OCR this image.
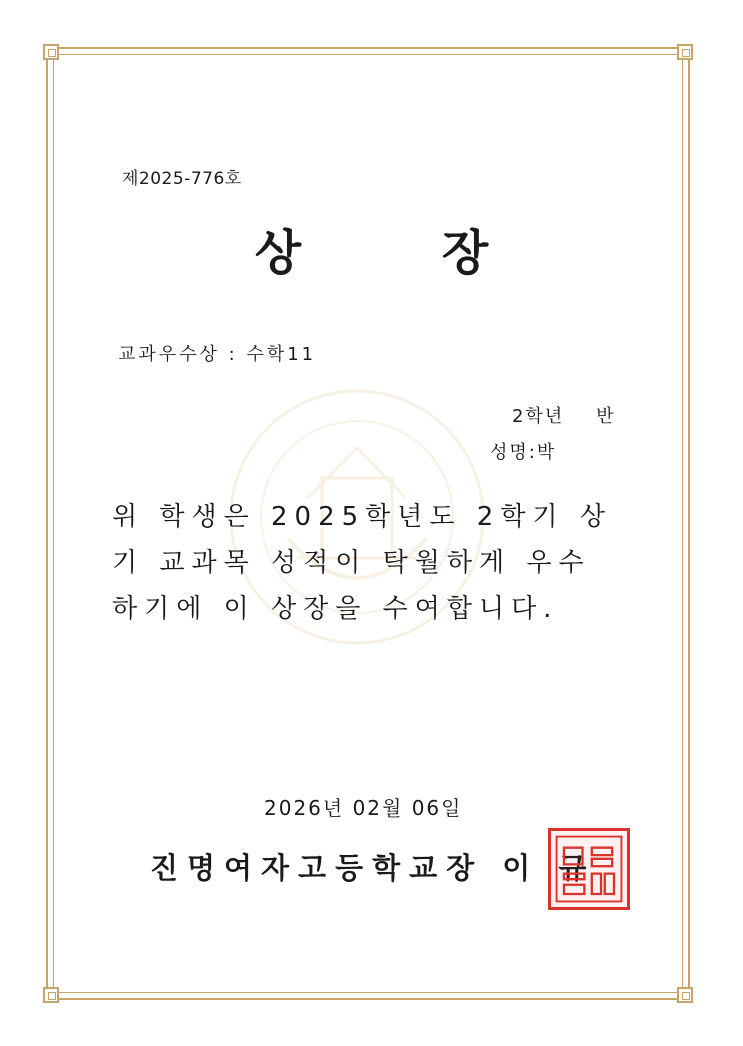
제2025-776호
상 장
교과우수상 : 수학11
2학년 반
성명:박
위 학생은 2025학년도 2학기 상
기 교과목 성적이 탁월하게 우수
하기에 이 상장을 수여합니다.
2026년 02월 06일
진명여자고등학교장 이 규
